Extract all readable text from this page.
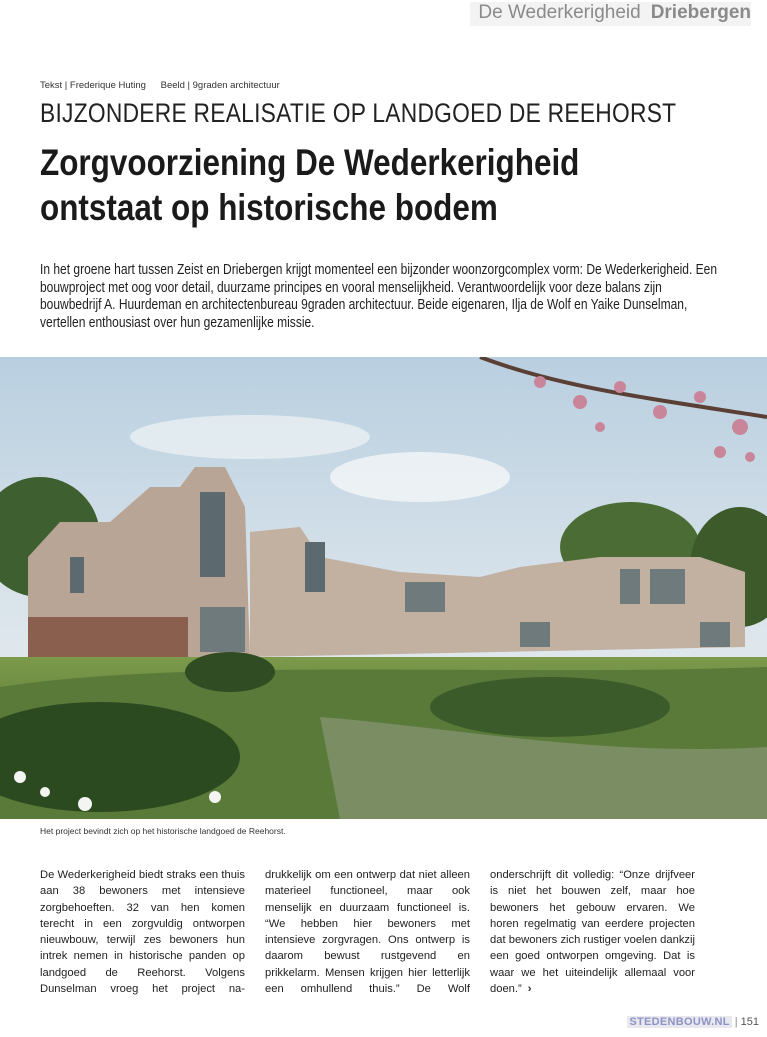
De Wederkerigheid Driebergen
Tekst | Frederique Huting Beeld | 9graden architectuur
BIJZONDERE REALISATIE OP LANDGOED DE REEHORST
Zorgvoorziening De Wederkerigheid
ontstaat op historische bodem

In het groene hart tussen Zeist en Driebergen krijgt momenteel een bijzonder woonzorgcomplex vorm: De Wederkerigheid. Een bouwproject met oog voor detail, duurzame principes en vooral menselijkheid. Verantwoordelijk voor deze balans zijn bouwbedrijf A. Huurdeman en architectenbureau 9graden architectuur. Beide eigenaren, Ilja de Wolf en Yaike Dunselman, vertellen enthousiast over hun gezamenlijke missie.

Het project bevindt zich op het historische landgoed de Reehorst.

De Wederkerigheid biedt straks een thuis aan 38 bewoners met intensieve zorgbehoeften. 32 van hen komen terecht in een zorgvuldig ontworpen nieuwbouw, terwijl zes bewoners hun intrek nemen in historische panden op landgoed de Reehorst. Volgens Dunselman vroeg het project na-

drukkelijk om een ontwerp dat niet alleen materieel functioneel, maar ook menselijk en duurzaam functioneel is. “We hebben hier bewoners met intensieve zorgvragen. Ons ontwerp is daarom bewust rustgevend en prikkelarm. Mensen krijgen hier letterlijk een omhullend thuis.” De Wolf

onderschrijft dit volledig: “Onze drijfveer is niet het bouwen zelf, maar hoe bewoners het gebouw ervaren. We horen regelmatig van eerdere projecten dat bewoners zich rustiger voelen dankzij een goed ontworpen omgeving. Dat is waar we het uiteindelijk allemaal voor doen.” ›

STEDENBOUW.NL | 151
